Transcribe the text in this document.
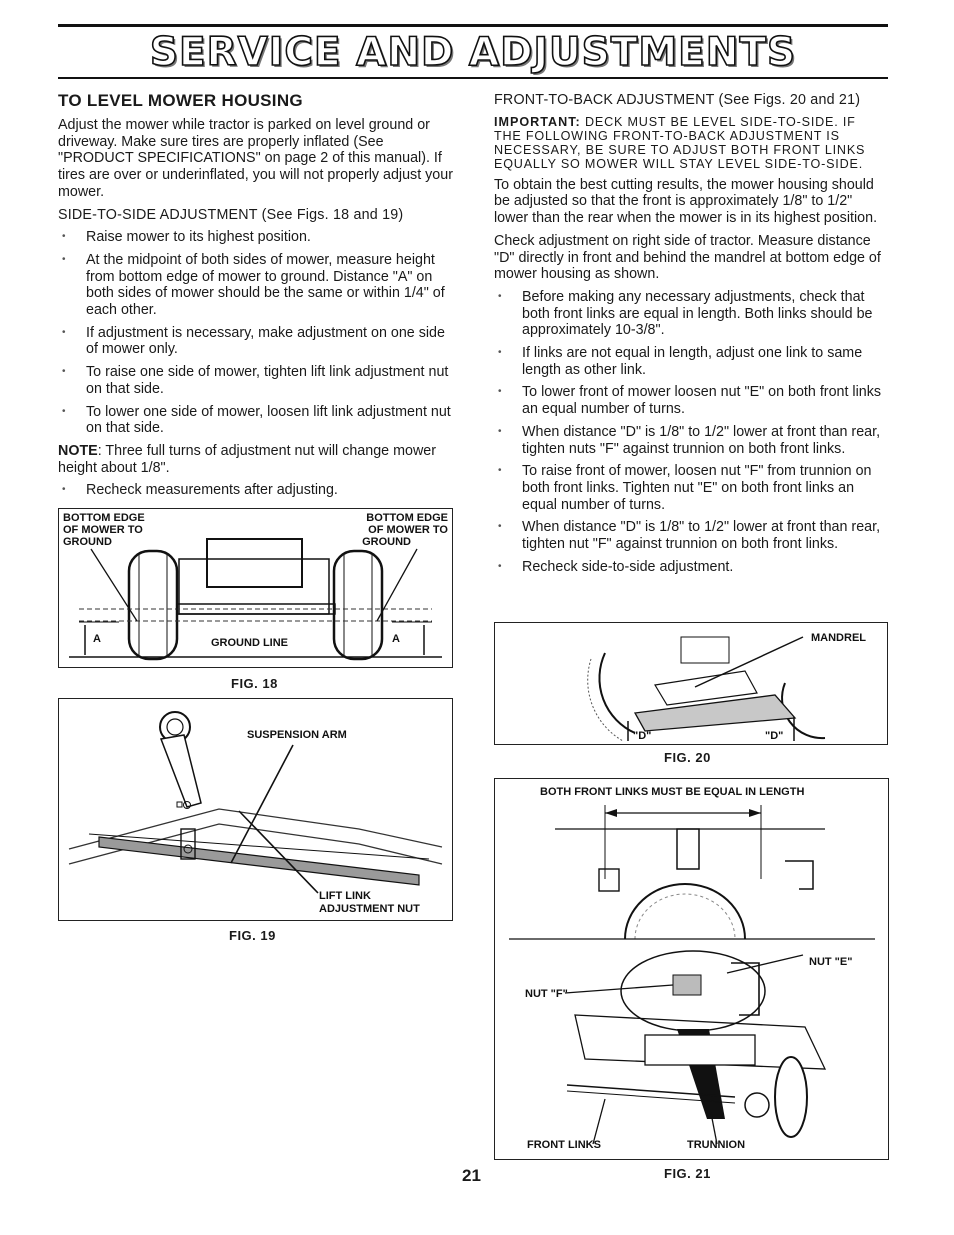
SERVICE AND ADJUSTMENTS
TO LEVEL MOWER HOUSING

Adjust the mower while tractor is parked on level ground or driveway. Make sure tires are properly inflated (See "PRODUCT SPECIFICATIONS" on page 2 of this manual). If tires are over or underinflated, you will not properly adjust your mower.

SIDE-TO-SIDE ADJUSTMENT (See Figs. 18 and 19)

• Raise mower to its highest position.
• At the midpoint of both sides of mower, measure height from bottom edge of mower to ground. Distance "A" on both sides of mower should be the same or within 1/4" of each other.
• If adjustment is necessary, make adjustment on one side of mower only.
• To raise one side of mower, tighten lift link adjustment nut on that side.
• To lower one side of mower, loosen lift link adjustment nut on that side.

NOTE: Three full turns of adjustment nut will change mower height about 1/8".

• Recheck measurements after adjusting.
BOTTOM EDGE
OF MOWER TO
GROUND
BOTTOM EDGE
OF MOWER TO
GROUND
GROUND LINE
A	A
FIG. 18
SUSPENSION ARM
LIFT LINK
ADJUSTMENT NUT
FIG. 19

FRONT-TO-BACK ADJUSTMENT (See Figs. 20 and 21)

IMPORTANT: DECK MUST BE LEVEL SIDE-TO-SIDE. IF THE FOLLOWING FRONT-TO-BACK ADJUSTMENT IS NECESSARY, BE SURE TO ADJUST BOTH FRONT LINKS EQUALLY SO MOWER WILL STAY LEVEL SIDE-TO-SIDE.

To obtain the best cutting results, the mower housing should be adjusted so that the front is approximately 1/8" to 1/2" lower than the rear when the mower is in its highest position.

Check adjustment on right side of tractor. Measure distance "D" directly in front and behind the mandrel at bottom edge of mower housing as shown.

• Before making any necessary adjustments, check that both front links are equal in length. Both links should be approximately 10-3/8".
• If links are not equal in length, adjust one link to same length as other link.
• To lower front of mower loosen nut "E" on both front links an equal number of turns.
• When distance "D" is 1/8" to 1/2" lower at front than rear, tighten nuts "F" against trunnion on both front links.
• To raise front of mower, loosen nut "F" from trunnion on both front links. Tighten nut "E" on both front links an equal number of turns.
• When distance "D" is 1/8" to 1/2" lower at front than rear, tighten nut "F" against trunnion on both front links.
• Recheck side-to-side adjustment.
MANDREL
"D"	"D"
FIG. 20
BOTH FRONT LINKS MUST BE EQUAL IN LENGTH
NUT "E"
NUT "F"
FRONT LINKS	TRUNNION
FIG. 21
21
